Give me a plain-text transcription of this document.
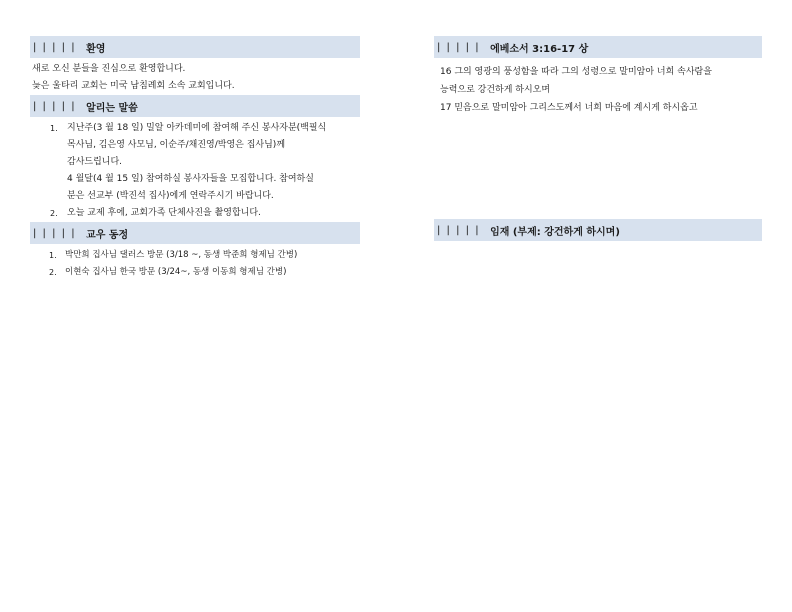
| | | | | 환영
새로 오신 분들을 진심으로 환영합니다.
늦은 울타리 교회는 미국 남침례회 소속 교회입니다.
| | | | | 알리는 말씀
1. 지난주(3 월 18 일) 밀알 아카데미에 참여해 주신 봉사자분(백필식
목사님, 김은영 사모님, 이순주/채진영/박영은 집사님)께
감사드립니다.
4 월달(4 월 15 일) 참여하실 봉사자들을 모집합니다. 참여하실
분은 선교부 (박진석 집사)에게 연락주시기 바랍니다.
2. 오늘 교제 후에, 교회가족 단체사진을 촬영합니다.
| | | | | 교우 동정
1. 박만희 집사님 댈러스 방문 (3/18 ~, 동생 박준희 형제님 간병)
2. 이현숙 집사님 한국 방문 (3/24~, 동생 이동희 형제님 간병)
| | | | | 에베소서 3:16-17 상
16 그의 영광의 풍성함을 따라 그의 성령으로 말미암아 너희 속사람을
능력으로 강건하게 하시오며
17 믿음으로 말미암아 그리스도께서 너희 마음에 계시게 하시옵고
| | | | | 임재 (부제: 강건하게 하시며)
